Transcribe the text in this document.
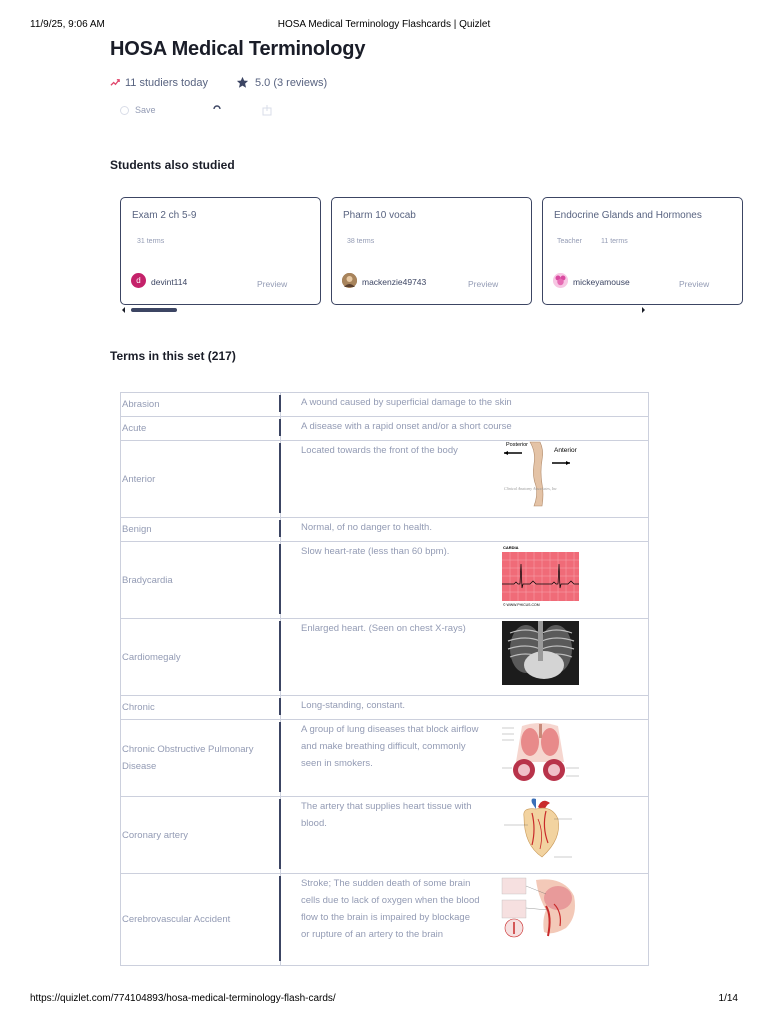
11/9/25, 9:06 AM	HOSA Medical Terminology Flashcards | Quizlet
HOSA Medical Terminology
11 studiers today	5.0 (3 reviews)
Save
Students also studied
Exam 2 ch 5-9
31 terms
d	devint114	Preview
Pharm 10 vocab
38 terms
mackenzie49743	Preview
Endocrine Glands and Hormones
Teacher	11 terms
mickeyamouse	Preview
Terms in this set (217)
Abrasion	A wound caused by superficial damage to the skin

Acute	A disease with a rapid onset and/or a short course

Anterior	Located towards the front of the body Posterior
Anterior
Clinical Anatomy Associates, Inc

Benign	Normal, of no danger to health.

Bradycardia	Slow heart-rate (less than 60 bpm). CARDIA
© WWW.PHICUS.COM

Cardiomegaly	Enlarged heart. (Seen on chest X-rays)

Chronic	Long-standing, constant.

Chronic Obstructive Pulmonary Disease	A group of lung diseases that block airflow and make breathing difficult, commonly seen in smokers.

Coronary artery	The artery that supplies heart tissue with blood.

Cerebrovascular Accident	Stroke; The sudden death of some brain cells due to lack of oxygen when the blood flow to the brain is impaired by blockage or rupture of an artery to the brain
https://quizlet.com/774104893/hosa-medical-terminology-flash-cards/	1/14
